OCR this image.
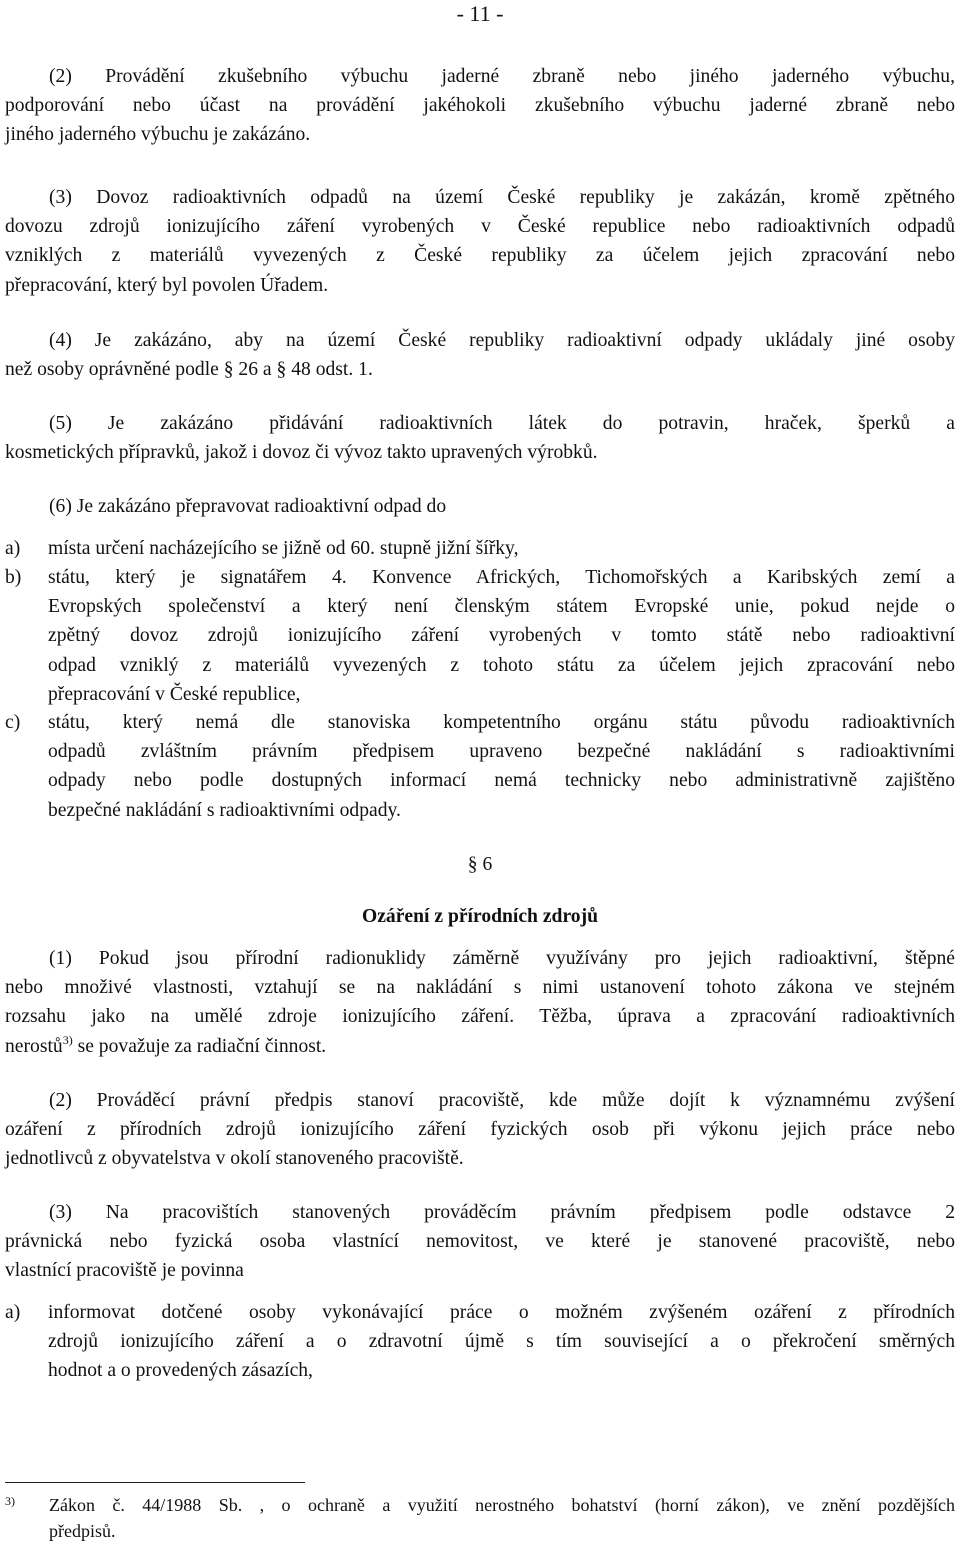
- 11 -
(2) Provádění zkušebního výbuchu jaderné zbraně nebo jiného jaderného výbuchu,
podporování nebo účast na provádění jakéhokoli zkušebního výbuchu jaderné zbraně nebo
jiného jaderného výbuchu je zakázáno.
(3) Dovoz radioaktivních odpadů na území České republiky je zakázán, kromě zpětného
dovozu zdrojů ionizujícího záření vyrobených v České republice nebo radioaktivních odpadů
vzniklých z materiálů vyvezených z České republiky za účelem jejich zpracování nebo
přepracování, který byl povolen Úřadem.
(4) Je zakázáno, aby na území České republiky radioaktivní odpady ukládaly jiné osoby
než osoby oprávněné podle § 26 a § 48 odst. 1.
(5) Je zakázáno přidávání radioaktivních látek do potravin, hraček, šperků a
kosmetických přípravků, jakož i dovoz či vývoz takto upravených výrobků.
(6) Je zakázáno přepravovat radioaktivní odpad do
a)	místa určení nacházejícího se jižně od 60. stupně jižní šířky,
b)	státu, který je signatářem 4. Konvence Afrických, Tichomořských a Karibských zemí a
Evropských společenství a který není členským státem Evropské unie, pokud nejde o
zpětný dovoz zdrojů ionizujícího záření vyrobených v tomto státě nebo radioaktivní
odpad vzniklý z materiálů vyvezených z tohoto státu za účelem jejich zpracování nebo
přepracování v České republice,
c)	státu, který nemá dle stanoviska kompetentního orgánu státu původu radioaktivních
odpadů zvláštním právním předpisem upraveno bezpečné nakládání s radioaktivními
odpady nebo podle dostupných informací nemá technicky nebo administrativně zajištěno
bezpečné nakládání s radioaktivními odpady.
§ 6
Ozáření z přírodních zdrojů
(1) Pokud jsou přírodní radionuklidy záměrně využívány pro jejich radioaktivní, štěpné
nebo množivé vlastnosti, vztahují se na nakládání s nimi ustanovení tohoto zákona ve stejném
rozsahu jako na umělé zdroje ionizujícího záření. Těžba, úprava a zpracování radioaktivních
nerostů$^{3)}$ se považuje za radiační činnost.
(2) Prováděcí právní předpis stanoví pracoviště, kde může dojít k významnému zvýšení
ozáření z přírodních zdrojů ionizujícího záření fyzických osob při výkonu jejich práce nebo
jednotlivců z obyvatelstva v okolí stanoveného pracoviště.
(3) Na pracovištích stanovených prováděcím právním předpisem podle odstavce 2
právnická nebo fyzická osoba vlastnící nemovitost, ve které je stanovené pracoviště, nebo
vlastnící pracoviště je povinna
a)	informovat dotčené osoby vykonávající práce o možném zvýšeném ozáření z přírodních
zdrojů ionizujícího záření a o zdravotní újmě s tím související a o překročení směrných
hodnot a o provedených zásazích,
3) Zákon č. 44/1988 Sb. , o ochraně a využití nerostného bohatství (horní zákon), ve znění pozdějších
předpisů.
